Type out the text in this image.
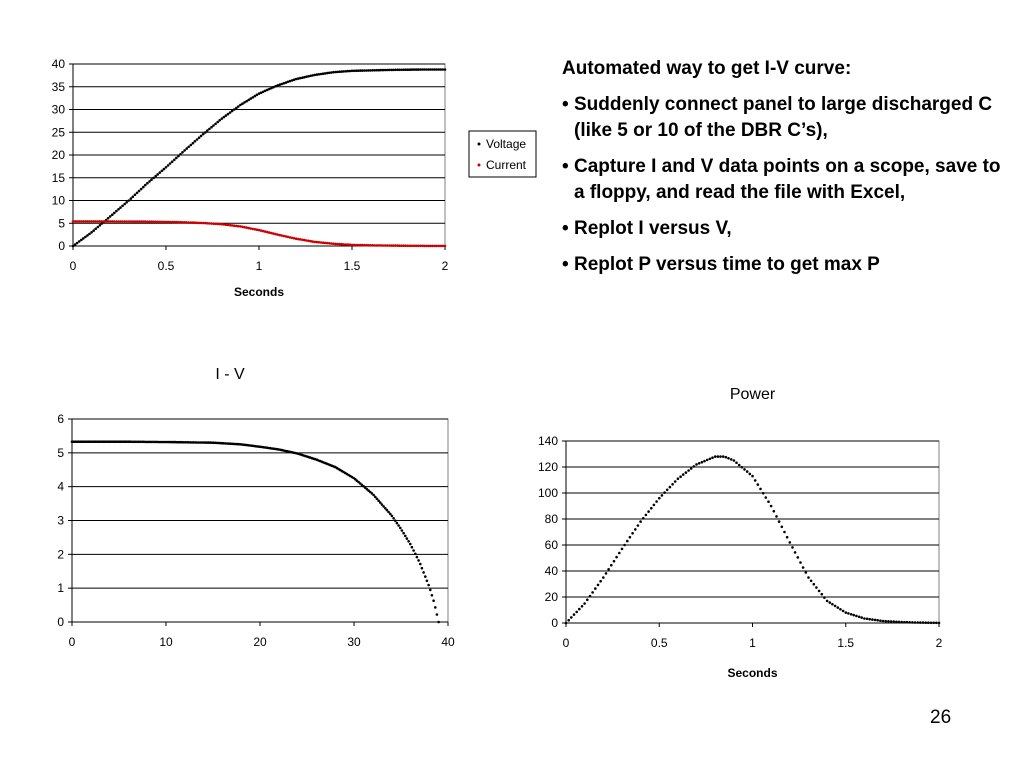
0
5
10
15
20
25
30
35
40
0	0.5	1	1.5	2
Seconds
Voltage
Current
0
1
2
3
4
5
6
0	10	20	30	40
I - V
0
20
40
60
80
100
120
140
0	0.5	1	1.5	2
Power
Seconds
Automated way to get I-V curve:
• Suddenly connect panel to large discharged C (like 5 or 10 of the DBR C’s),
• Capture I and V data points on a scope, save to a floppy, and read the file with Excel,
• Replot I versus V,
• Replot P versus time to get max P
26
